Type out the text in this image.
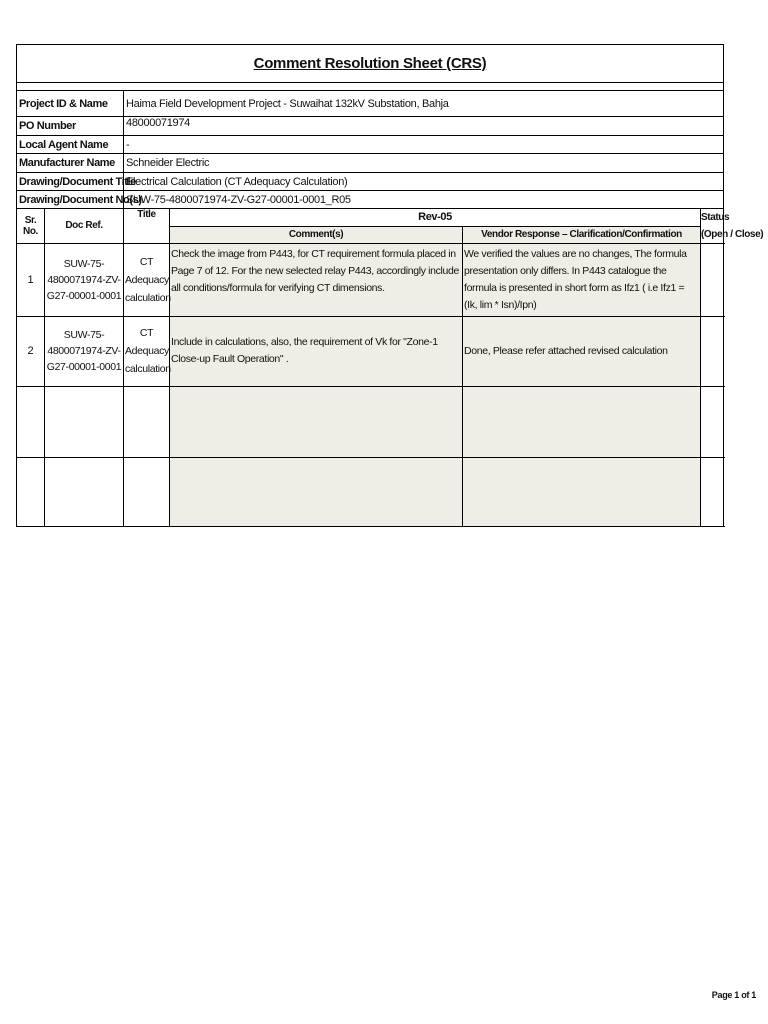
Comment Resolution Sheet (CRS)	

Project ID & Name	Haima Field Development Project - Suwaihat 132kV Substation, Bahja
PO Number	48000071974
Local Agent Name	-
Manufacturer Name	Schneider Electric
Drawing/Document Title	Electrical Calculation (CT Adequacy Calculation)
Drawing/Document No(s).	SUW-75-4800071974-ZV-G27-00001-0001_R05
Sr. No.	Doc Ref.	Title	Rev-05		Status
			Comment(s)	Vendor Response – Clarification/Confirmation	(Open / Close)
1	SUW-75-4800071974-ZV-G27-00001-0001	CT Adequacy calculation	Check the image from P443, for CT requirement formula placed in Page 7 of 12. For the new selected relay P443, accordingly include all conditions/formula for verifying CT dimensions.	We verified the values are no changes, The formula presentation only differs. In P443 catalogue the formula is presented in short form as Ifz1 ( i.e Ifz1 = (Ik, lim * Isn)/Ipn)	
2	SUW-75-4800071974-ZV-G27-00001-0001	CT Adequacy calculation	Include in calculations, also, the requirement of Vk for "Zone-1 Close-up Fault Operation" .	Done, Please refer attached revised calculation	

Page 1 of 1
